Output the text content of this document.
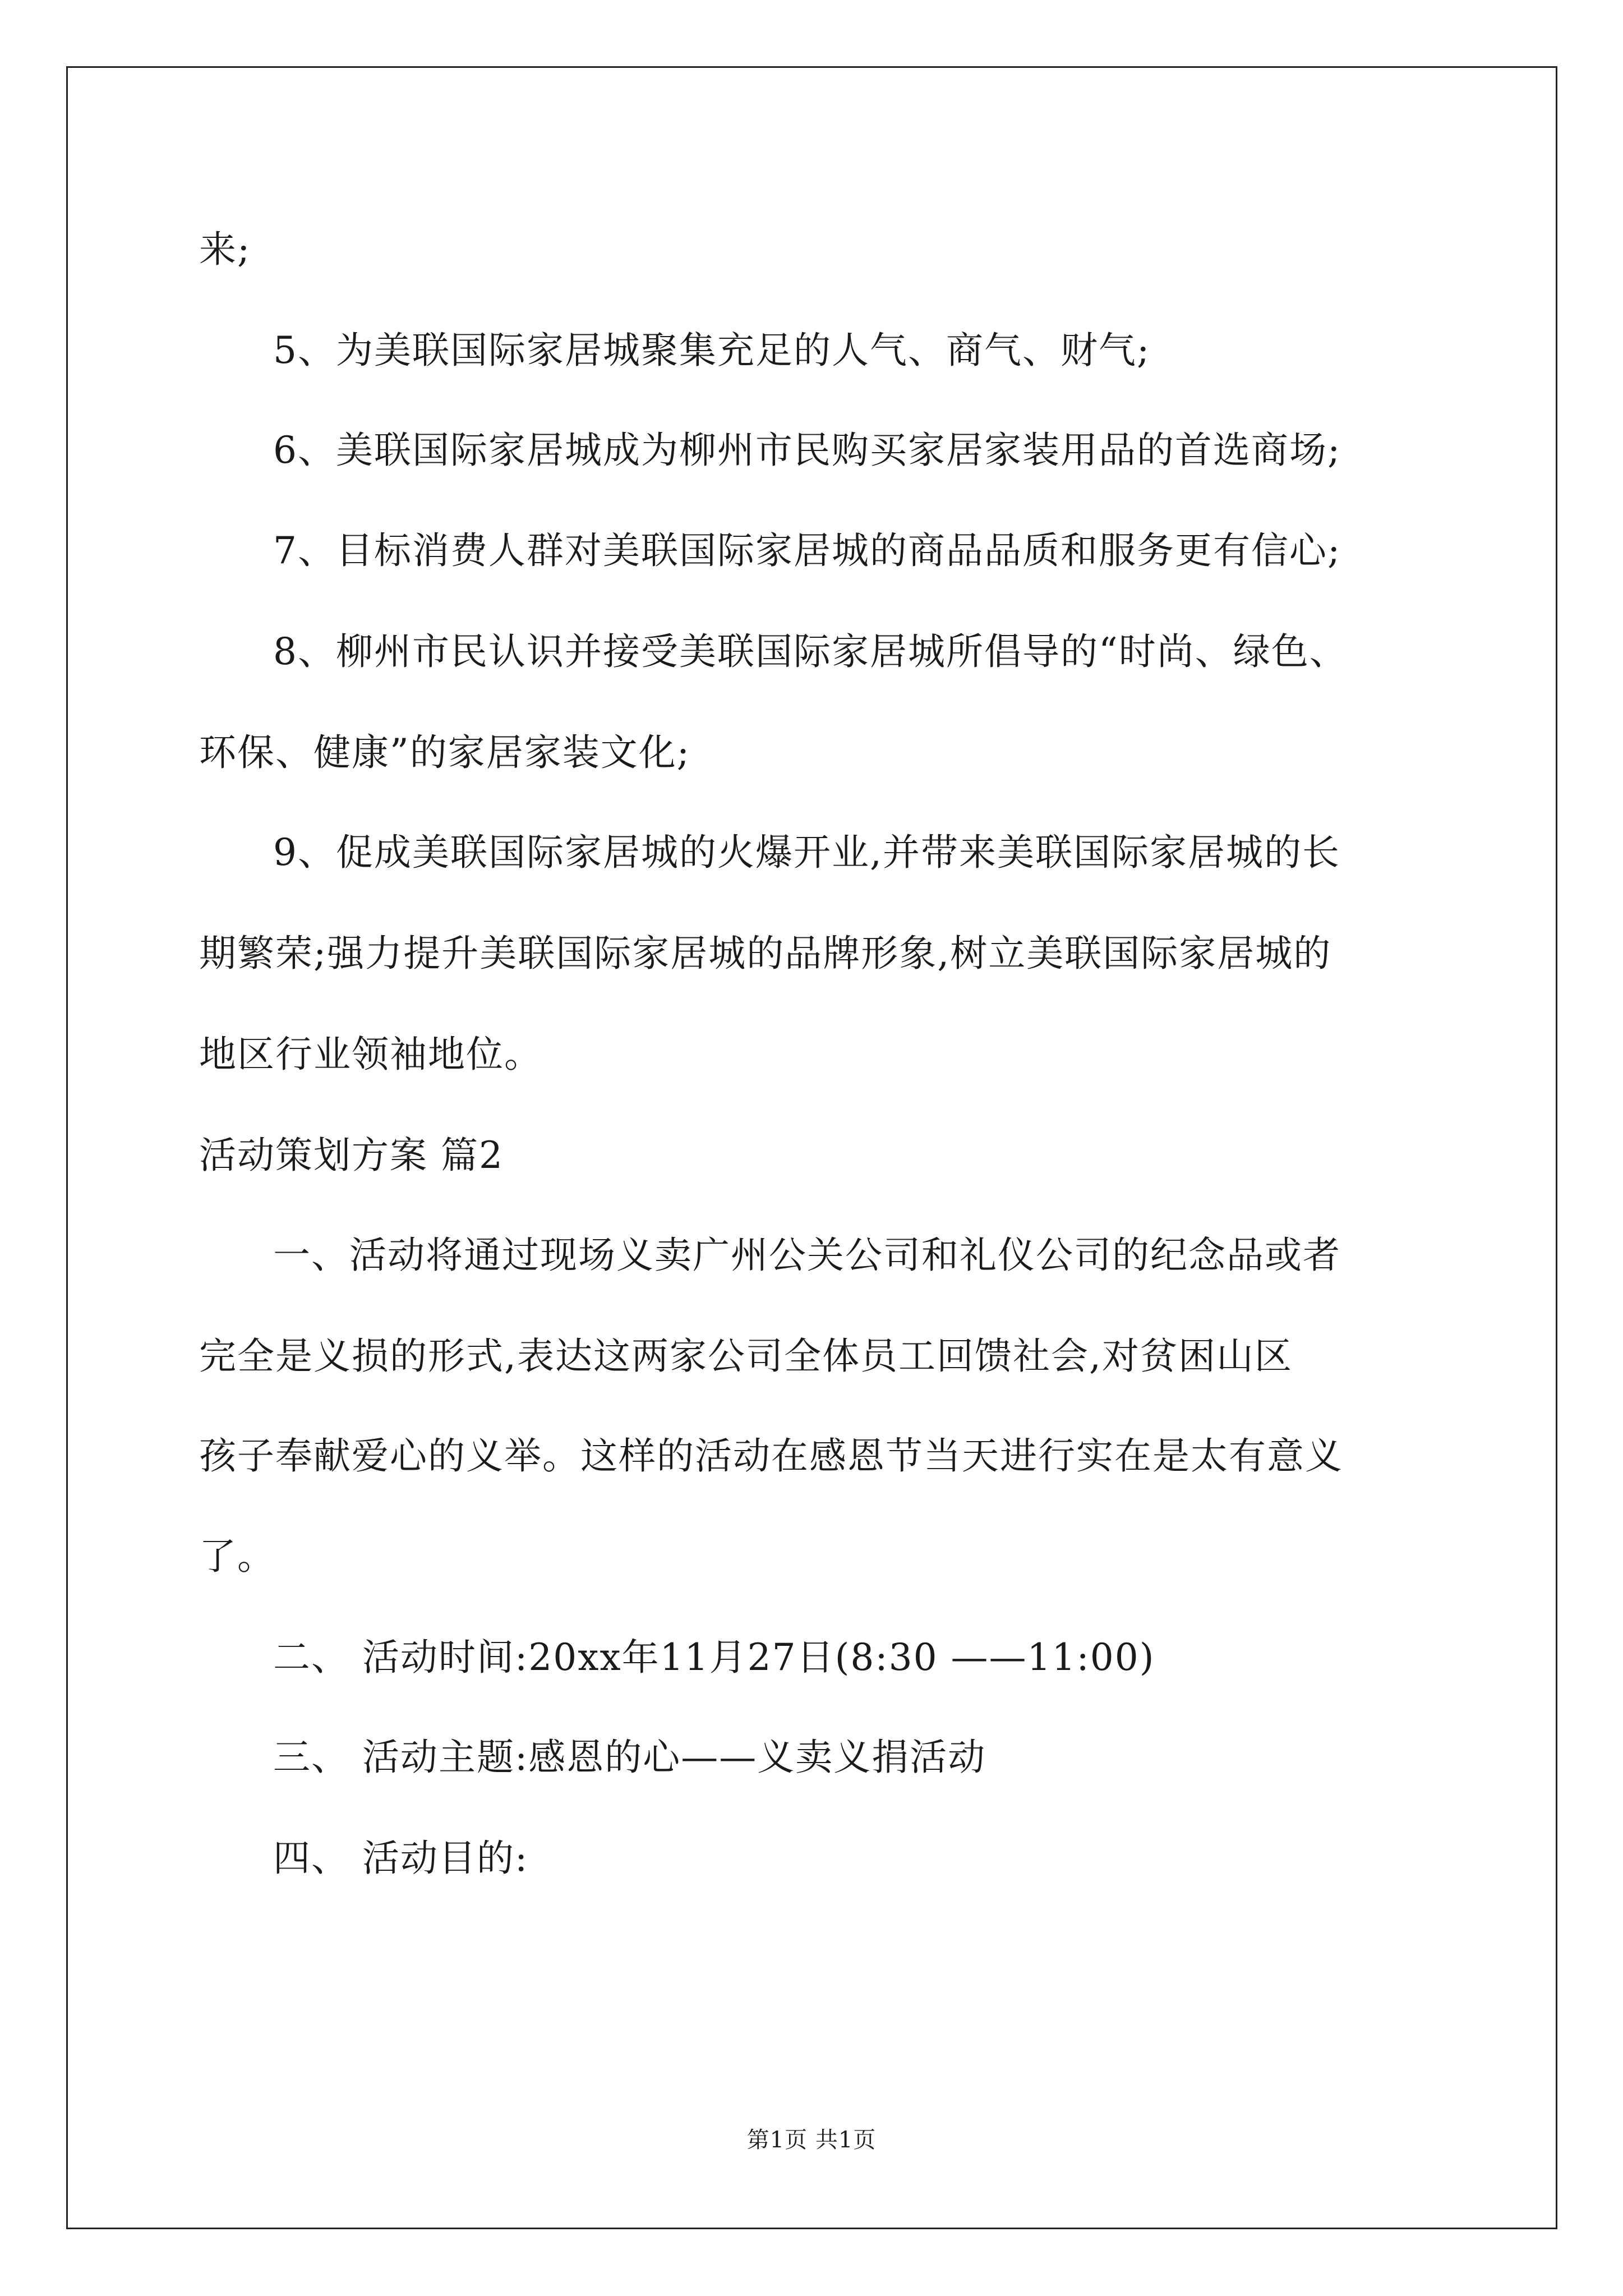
来;
5、为美联国际家居城聚集充足的人气、商气、财气;
6、美联国际家居城成为柳州市民购买家居家装用品的首选商场;
7、目标消费人群对美联国际家居城的商品品质和服务更有信心;
8、柳州市民认识并接受美联国际家居城所倡导的“时尚、绿色、
环保、健康”的家居家装文化;
9、促成美联国际家居城的火爆开业,并带来美联国际家居城的长
期繁荣;强力提升美联国际家居城的品牌形象,树立美联国际家居城的
地区行业领袖地位。
活动策划方案 篇2
一、活动将通过现场义卖广州公关公司和礼仪公司的纪念品或者
完全是义损的形式,表达这两家公司全体员工回馈社会,对贫困山区
孩子奉献爱心的义举。这样的活动在感恩节当天进行实在是太有意义
了。
二、 活动时间:20xx年11月27日(8:30 ——11:00)
三、 活动主题:感恩的心——义卖义捐活动
四、 活动目的:
第1页 共1页
